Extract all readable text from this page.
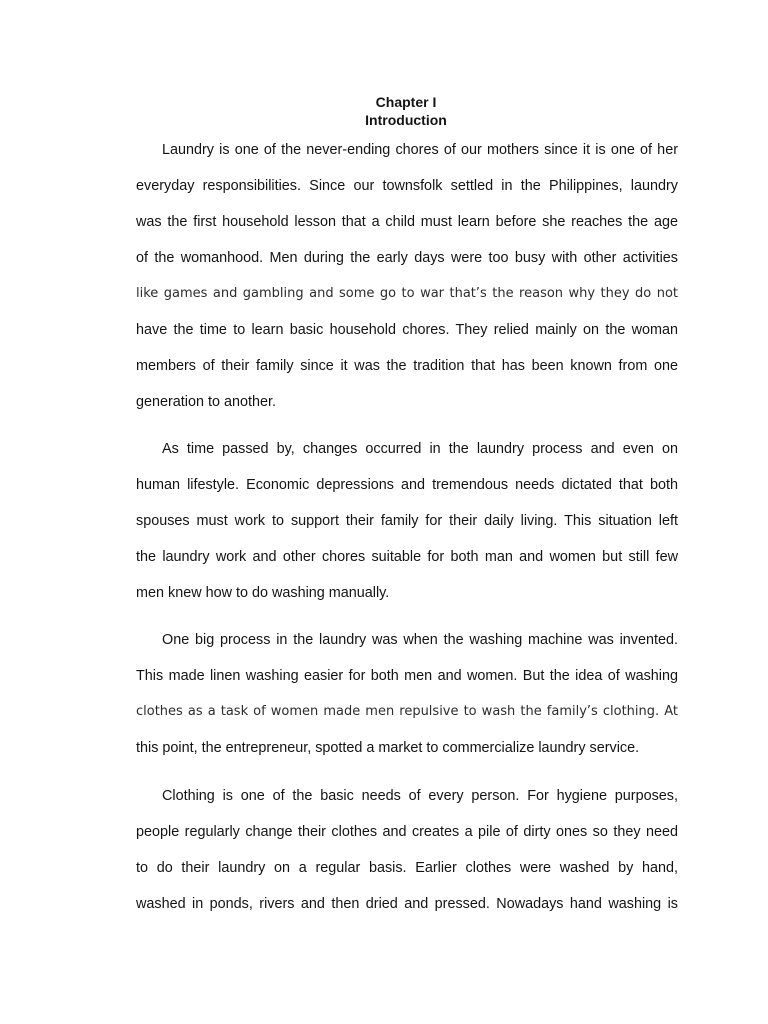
Chapter I
Introduction
Laundry is one of the never-ending chores of our mothers since it is one of her
everyday responsibilities. Since our townsfolk settled in the Philippines, laundry
was the first household lesson that a child must learn before she reaches the age
of the womanhood. Men during the early days were too busy with other activities
like games and gambling and some go to war that’s the reason why they do not
have the time to learn basic household chores. They relied mainly on the woman
members of their family since it was the tradition that has been known from one
generation to another.
As time passed by, changes occurred in the laundry process and even on
human lifestyle. Economic depressions and tremendous needs dictated that both
spouses must work to support their family for their daily living. This situation left
the laundry work and other chores suitable for both man and women but still few
men knew how to do washing manually.
One big process in the laundry was when the washing machine was invented.
This made linen washing easier for both men and women. But the idea of washing
clothes as a task of women made men repulsive to wash the family’s clothing. At
this point, the entrepreneur, spotted a market to commercialize laundry service.
Clothing is one of the basic needs of every person. For hygiene purposes,
people regularly change their clothes and creates a pile of dirty ones so they need
to do their laundry on a regular basis. Earlier clothes were washed by hand,
washed in ponds, rivers and then dried and pressed. Nowadays hand washing is
